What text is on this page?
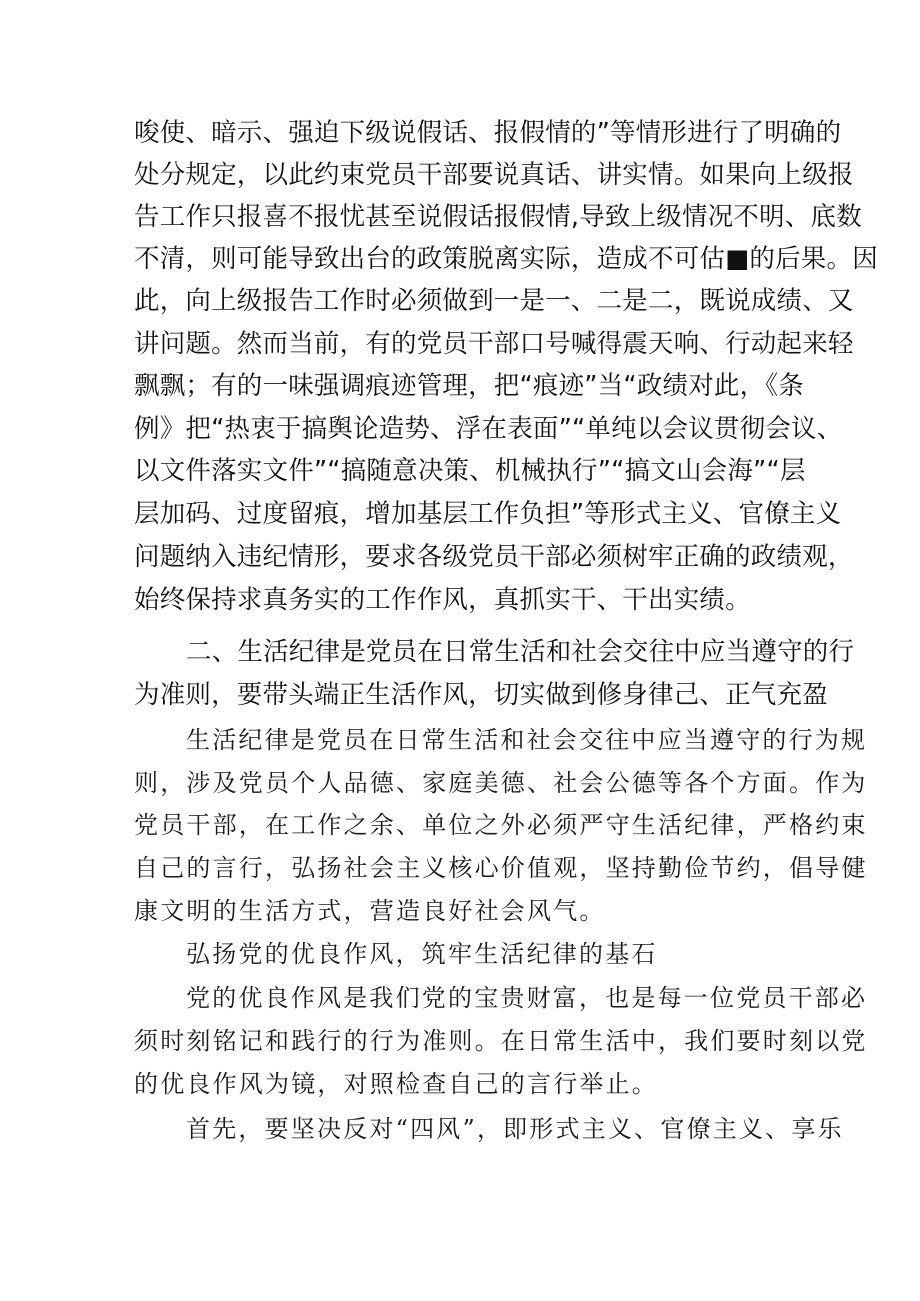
唆使、暗示、强迫下级说假话、报假情的”等情形进行了明确的
处分规定，以此约束党员干部要说真话、讲实情。如果向上级报
告工作只报喜不报忧甚至说假话报假情,导致上级情况不明、底数
不清，则可能导致出台的政策脱离实际，造成不可估■的后果。因
此，向上级报告工作时必须做到一是一、二是二，既说成绩、又
讲问题。然而当前，有的党员干部口号喊得震天响、行动起来轻
飘飘；有的一味强调痕迹管理，把“痕迹”当“政绩对此，《条
例》把“热衷于搞舆论造势、浮在表面”“单纯以会议贯彻会议、
以文件落实文件”“搞随意决策、机械执行”“搞文山会海”“层
层加码、过度留痕，增加基层工作负担”等形式主义、官僚主义
问题纳入违纪情形，要求各级党员干部必须树牢正确的政绩观，
始终保持求真务实的工作作风，真抓实干、干出实绩。
二、生活纪律是党员在日常生活和社会交往中应当遵守的行
为准则，要带头端正生活作风，切实做到修身律己、正气充盈
生活纪律是党员在日常生活和社会交往中应当遵守的行为规
则，涉及党员个人品德、家庭美德、社会公德等各个方面。作为
党员干部，在工作之余、单位之外必须严守生活纪律，严格约束
自己的言行，弘扬社会主义核心价值观，坚持勤俭节约，倡导健
康文明的生活方式，营造良好社会风气。
弘扬党的优良作风，筑牢生活纪律的基石
党的优良作风是我们党的宝贵财富，也是每一位党员干部必
须时刻铭记和践行的行为准则。在日常生活中，我们要时刻以党
的优良作风为镜，对照检查自己的言行举止。
首先，要坚决反对“四风”，即形式主义、官僚主义、享乐
